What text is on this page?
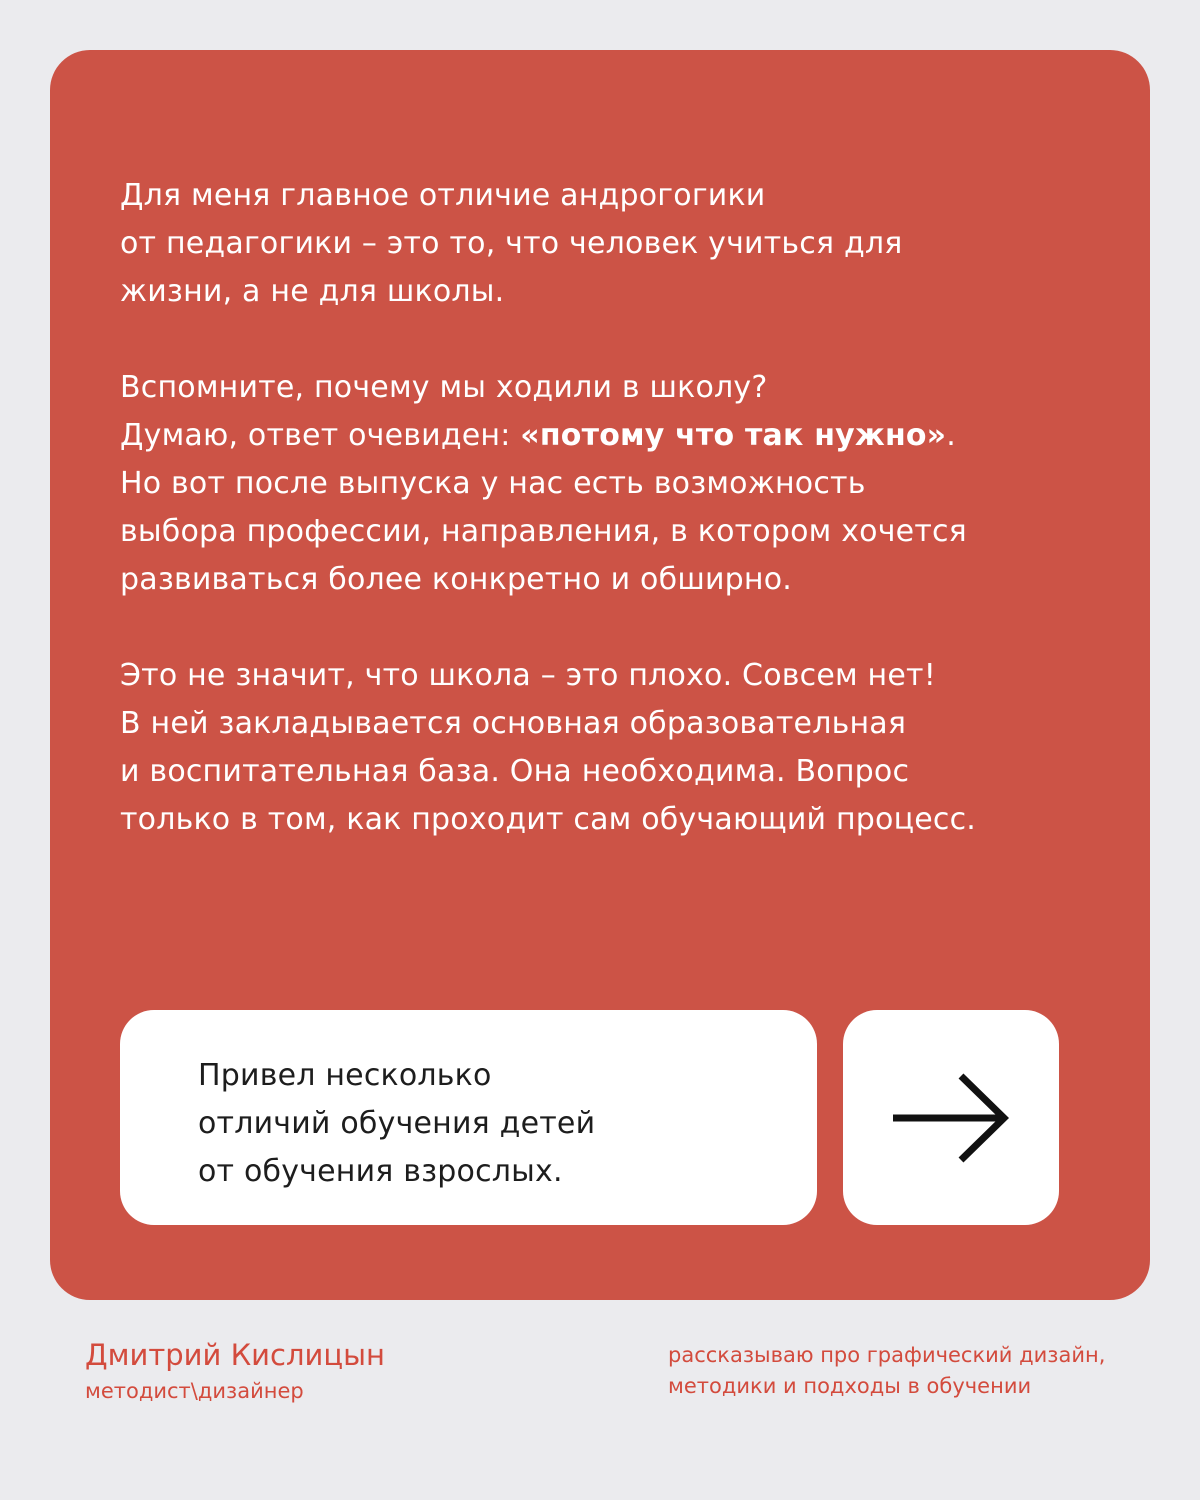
Для меня главное отличие андрогогики
от педагогики – это то, что человек учиться для
жизни, а не для школы.

Вспомните, почему мы ходили в школу?
Думаю, ответ очевиден: «потому что так нужно».
Но вот после выпуска у нас есть возможность
выбора профессии, направления, в котором хочется
развиваться более конкретно и обширно.

Это не значит, что школа – это плохо. Совсем нет!
В ней закладывается основная образовательная
и воспитательная база. Она необходима. Вопрос
только в том, как проходит сам обучающий процесс.

Привел несколько
отличий обучения детей
от обучения взрослых.
Дмитрий Кислицын
методист\дизайнер
рассказываю про графический дизайн,
методики и подходы в обучении
